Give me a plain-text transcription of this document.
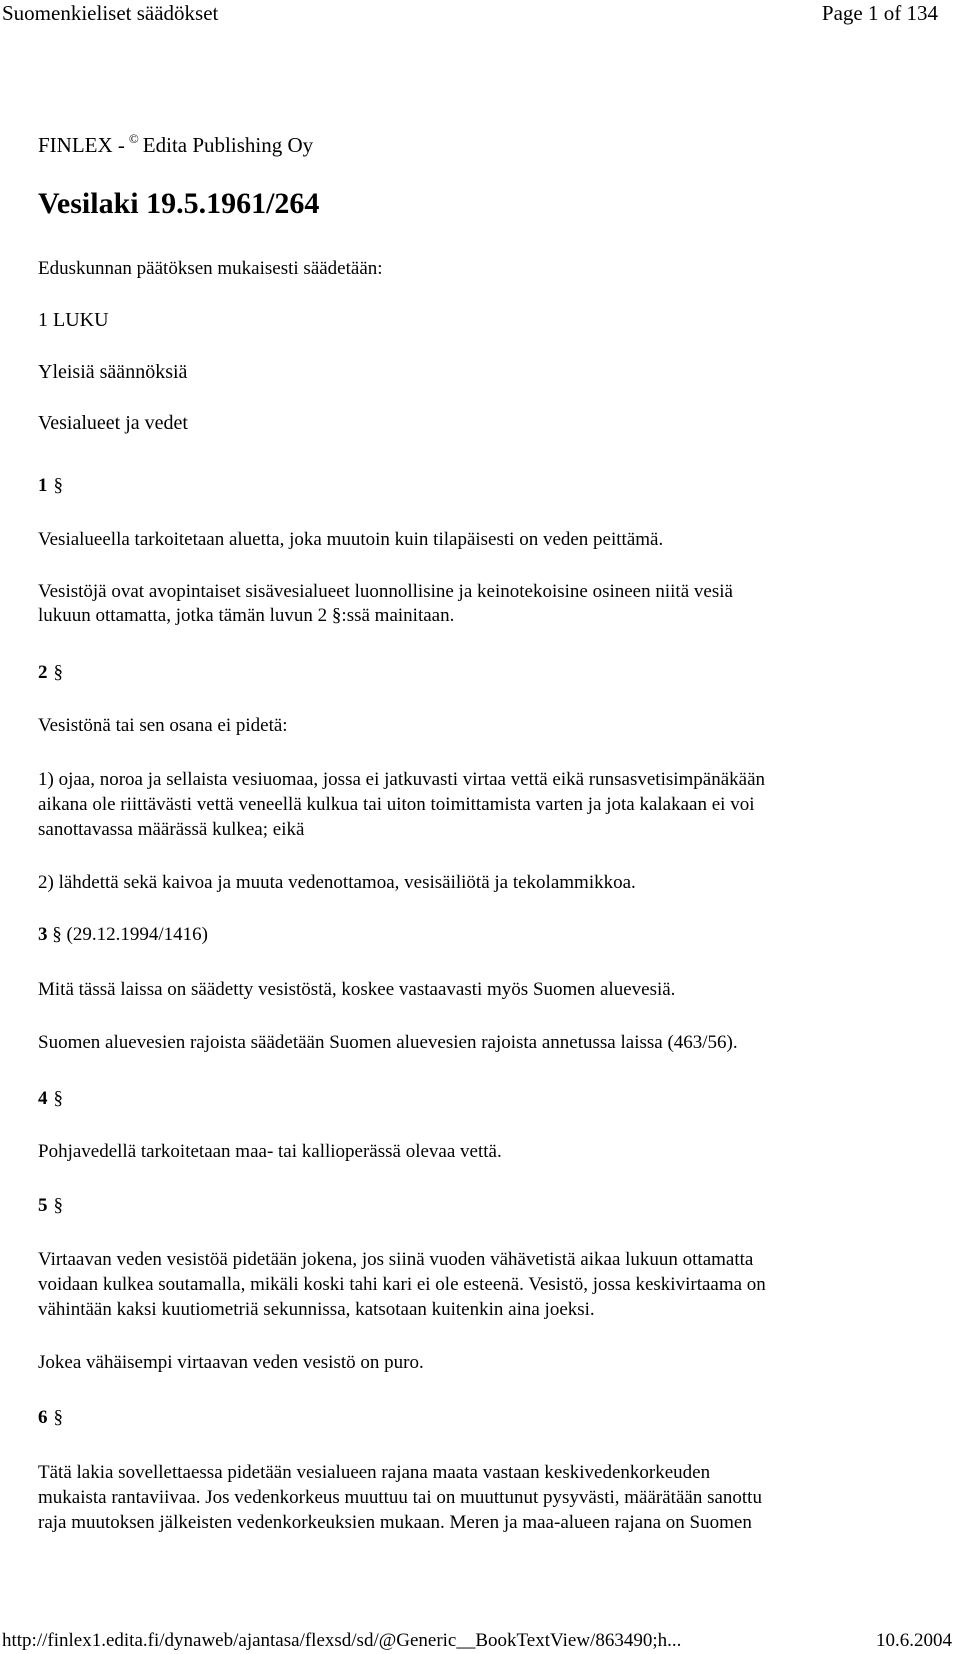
Suomenkieliset säädökset	Page 1 of 134
FINLEX - © Edita Publishing Oy
Vesilaki 19.5.1961/264
Eduskunnan päätöksen mukaisesti säädetään:
1 LUKU
Yleisiä säännöksiä
Vesialueet ja vedet
1 §
Vesialueella tarkoitetaan aluetta, joka muutoin kuin tilapäisesti on veden peittämä.
Vesistöjä ovat avopintaiset sisävesialueet luonnollisine ja keinotekoisine osineen niitä vesiä
lukuun ottamatta, jotka tämän luvun 2 §:ssä mainitaan.
2 §
Vesistönä tai sen osana ei pidetä:
1) ojaa, noroa ja sellaista vesiuomaa, jossa ei jatkuvasti virtaa vettä eikä runsasvetisimpänäkään
aikana ole riittävästi vettä veneellä kulkua tai uiton toimittamista varten ja jota kalakaan ei voi
sanottavassa määrässä kulkea; eikä
2) lähdettä sekä kaivoa ja muuta vedenottamoa, vesisäiliötä ja tekolammikkoa.
3 § (29.12.1994/1416)
Mitä tässä laissa on säädetty vesistöstä, koskee vastaavasti myös Suomen aluevesiä.
Suomen aluevesien rajoista säädetään Suomen aluevesien rajoista annetussa laissa (463/56).
4 §
Pohjavedellä tarkoitetaan maa- tai kallioperässä olevaa vettä.
5 §
Virtaavan veden vesistöä pidetään jokena, jos siinä vuoden vähävetistä aikaa lukuun ottamatta
voidaan kulkea soutamalla, mikäli koski tahi kari ei ole esteenä. Vesistö, jossa keskivirtaama on
vähintään kaksi kuutiometriä sekunnissa, katsotaan kuitenkin aina joeksi.
Jokea vähäisempi virtaavan veden vesistö on puro.
6 §
Tätä lakia sovellettaessa pidetään vesialueen rajana maata vastaan keskivedenkorkeuden
mukaista rantaviivaa. Jos vedenkorkeus muuttuu tai on muuttunut pysyvästi, määrätään sanottu
raja muutoksen jälkeisten vedenkorkeuksien mukaan. Meren ja maa-alueen rajana on Suomen
http://finlex1.edita.fi/dynaweb/ajantasa/flexsd/sd/@Generic__BookTextView/863490;h...	10.6.2004
